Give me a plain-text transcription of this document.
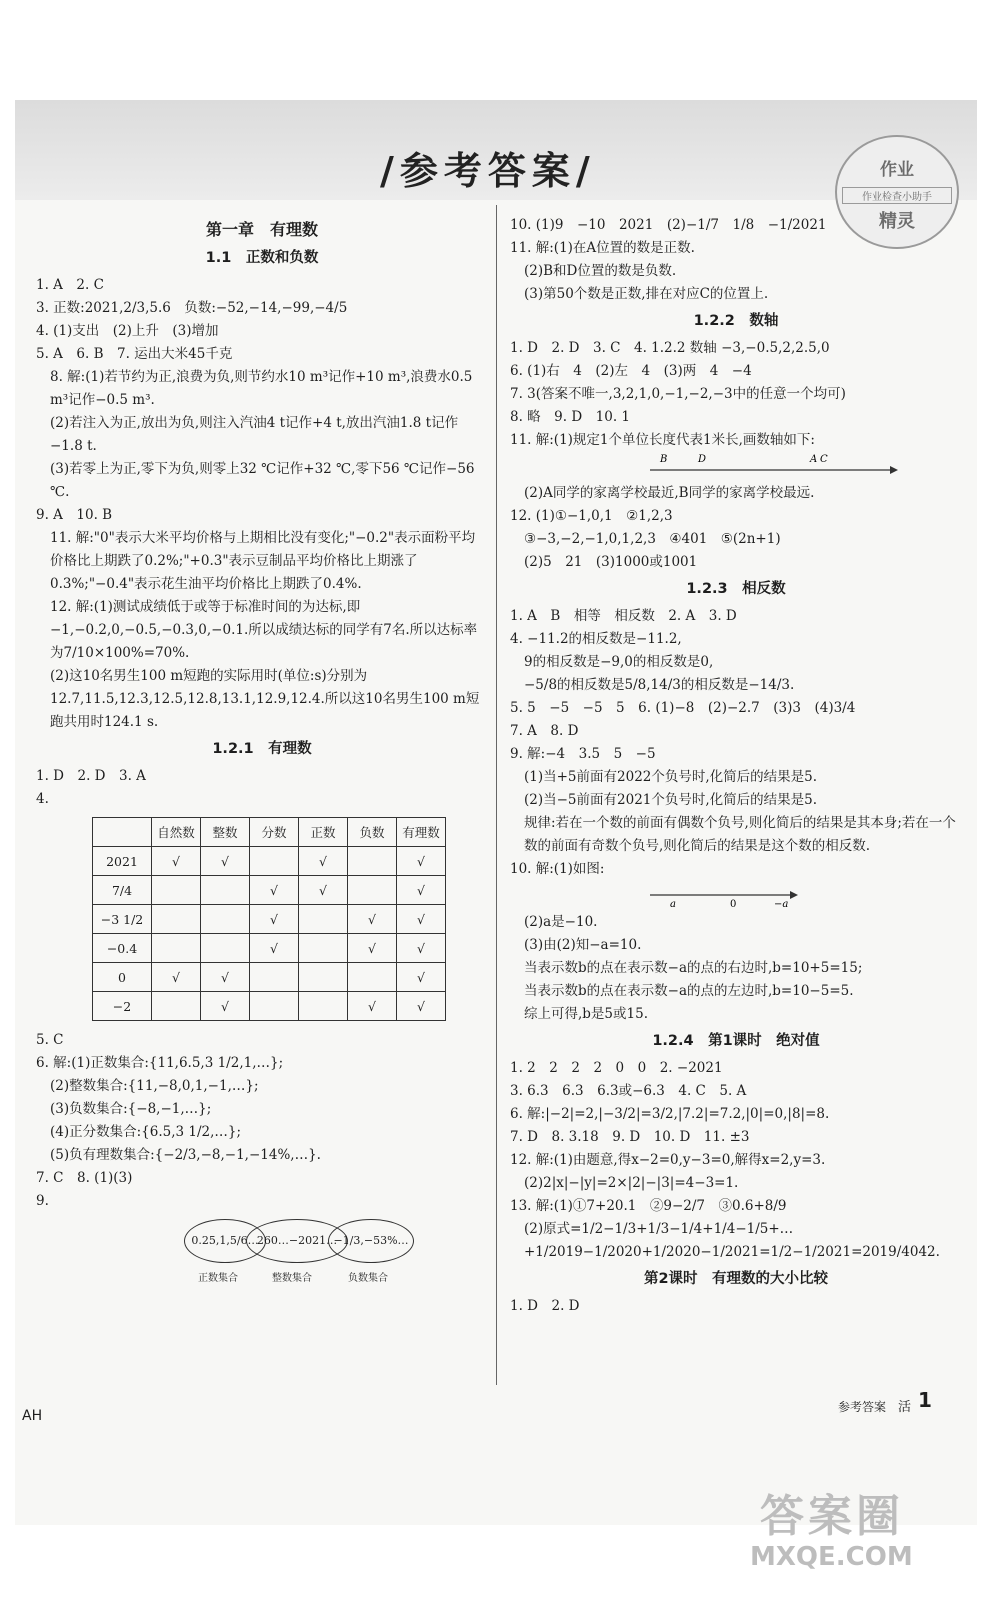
/参考答案/	作业
作业检查小助手
精灵
第一章　有理数
1.1　正数和负数
1. A　2. C
3. 正数:2021,2/3,5.6　负数:−52,−14,−99,−4/5
4. (1)支出　(2)上升　(3)增加
5. A　6. B　7. 运出大米45千克
8. 解:(1)若节约为正,浪费为负,则节约水10 m³记作+10 m³,浪费水0.5 m³记作−0.5 m³.
(2)若注入为正,放出为负,则注入汽油4 t记作+4 t,放出汽油1.8 t记作−1.8 t.
(3)若零上为正,零下为负,则零上32 ℃记作+32 ℃,零下56 ℃记作−56 ℃.
9. A　10. B
11. 解:"0"表示大米平均价格与上期相比没有变化;"−0.2"表示面粉平均价格比上期跌了0.2%;"+0.3"表示豆制品平均价格比上期涨了0.3%;"−0.4"表示花生油平均价格比上期跌了0.4%.
12. 解:(1)测试成绩低于或等于标准时间的为达标,即−1,−0.2,0,−0.5,−0.3,0,−0.1.所以成绩达标的同学有7名.所以达标率为7/10×100%=70%.
(2)这10名男生100 m短跑的实际用时(单位:s)分别为12.7,11.5,12.3,12.5,12.8,13.1,12.9,12.4.所以这10名男生100 m短跑共用时124.1 s.
1.2.1　有理数
1. D　2. D　3. A
4.
	自然数	整数	分数	正数	负数	有理数
2021	√	√		√		√
7/4			√	√		√
−3 1/2			√		√	√
−0.4			√		√	√
0	√	√				√
−2		√			√	√
5. C
6. 解:(1)正数集合:{11,6.5,3 1/2,1,…};
(2)整数集合:{11,−8,0,1,−1,…};
(3)负数集合:{−8,−1,…};
(4)正分数集合:{6.5,3 1/2,…};
(5)负有理数集合:{−2/3,−8,−1,−14%,…}.
7. C　8. (1)(3)
9.
0.25,1,5/6…
260…−2021…
−1/3,−53%…
正数集合	整数集合	负数集合
10. (1)9　−10　2021　(2)−1/7　1/8　−1/2021
11. 解:(1)在A位置的数是正数.
(2)B和D位置的数是负数.
(3)第50个数是正数,排在对应C的位置上.
1.2.2　数轴
1. D　2. D　3. C　4. 1.2.2 数轴 −3,−0.5,2,2.5,0
6. (1)右　4　(2)左　4　(3)两　4　−4
7. 3(答案不唯一,3,2,1,0,−1,−2,−3中的任意一个均可)
8. 略　9. D　10. 1
11. 解:(1)规定1个单位长度代表1米长,画数轴如下:
B	D	A C
(2)A同学的家离学校最近,B同学的家离学校最远.
12. (1)①−1,0,1　②1,2,3
③−3,−2,−1,0,1,2,3　④401　⑤(2n+1)
(2)5　21　(3)1000或1001
1.2.3　相反数
1. A　B　相等　相反数　2. A　3. D
4. −11.2的相反数是−11.2,
9的相反数是−9,0的相反数是0,
−5/8的相反数是5/8,14/3的相反数是−14/3.
5. 5　−5　−5　5　6. (1)−8　(2)−2.7　(3)3　(4)3/4
7. A　8. D
9. 解:−4　3.5　5　−5
(1)当+5前面有2022个负号时,化简后的结果是5.
(2)当−5前面有2021个负号时,化简后的结果是5.
规律:若在一个数的前面有偶数个负号,则化简后的结果是其本身;若在一个数的前面有奇数个负号,则化简后的结果是这个数的相反数.
10. 解:(1)如图:
a	0	−a
(2)a是−10.
(3)由(2)知−a=10.
当表示数b的点在表示数−a的点的右边时,b=10+5=15;
当表示数b的点在表示数−a的点的左边时,b=10−5=5.
综上可得,b是5或15.
1.2.4　第1课时　绝对值
1. 2　2　2　2　0　0　2. −2021
3. 6.3　6.3　6.3或−6.3　4. C　5. A
6. 解:|−2|=2,|−3/2|=3/2,|7.2|=7.2,|0|=0,|8|=8.
7. D　8. 3.18　9. D　10. D　11. ±3
12. 解:(1)由题意,得x−2=0,y−3=0,解得x=2,y=3.
(2)2|x|−|y|=2×|2|−|3|=4−3=1.
13. 解:(1)①7+20.1　②9−2/7　③0.6+8/9
(2)原式=1/2−1/3+1/3−1/4+1/4−1/5+…+1/2019−1/2020+1/2020−1/2021=1/2−1/2021=2019/4042.
第2课时　有理数的大小比较
1. D　2. D
AH
参考答案 活 1
答案圈
MXQE.COM
